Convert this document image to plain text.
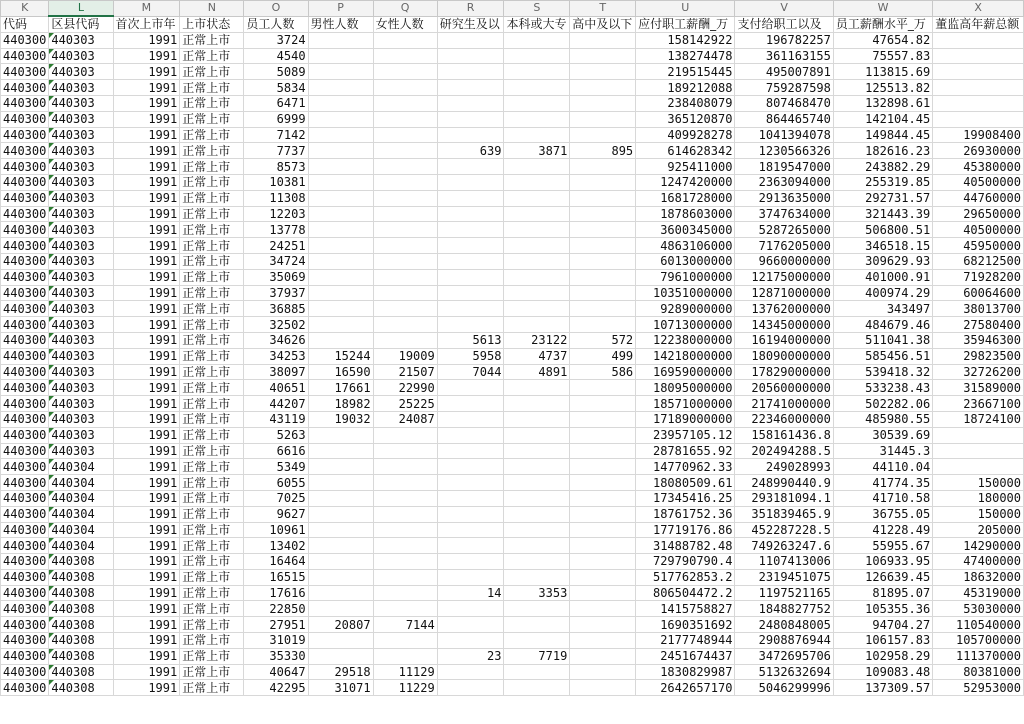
K	L	M	N	O	P	Q	R	S	T	U	V	W	X
代码	区县代码	首次上市年	上市状态	员工人数	男性人数	女性人数	研究生及以	本科或大专	高中及以下	应付职工薪酬_万	支付给职工以及	员工薪酬水平_万	董监高年薪总额
440300	440303	1991	正常上市	3724						158142922	196782257	47654.82	
440300	440303	1991	正常上市	4540						138274478	361163155	75557.83	
440300	440303	1991	正常上市	5089						219515445	495007891	113815.69	
440300	440303	1991	正常上市	5834						189212088	759287598	125513.82	
440300	440303	1991	正常上市	6471						238408079	807468470	132898.61	
440300	440303	1991	正常上市	6999						365120870	864465740	142104.45	
440300	440303	1991	正常上市	7142						409928278	1041394078	149844.45	19908400
440300	440303	1991	正常上市	7737			639	3871	895	614628342	1230566326	182616.23	26930000
440300	440303	1991	正常上市	8573						925411000	1819547000	243882.29	45380000
440300	440303	1991	正常上市	10381						1247420000	2363094000	255319.85	40500000
440300	440303	1991	正常上市	11308						1681728000	2913635000	292731.57	44760000
440300	440303	1991	正常上市	12203						1878603000	3747634000	321443.39	29650000
440300	440303	1991	正常上市	13778						3600345000	5287265000	506800.51	40500000
440300	440303	1991	正常上市	24251						4863106000	7176205000	346518.15	45950000
440300	440303	1991	正常上市	34724						6013000000	9660000000	309629.93	68212500
440300	440303	1991	正常上市	35069						7961000000	12175000000	401000.91	71928200
440300	440303	1991	正常上市	37937						10351000000	12871000000	400974.29	60064600
440300	440303	1991	正常上市	36885						9289000000	13762000000	343497	38013700
440300	440303	1991	正常上市	32502						10713000000	14345000000	484679.46	27580400
440300	440303	1991	正常上市	34626			5613	23122	572	12238000000	16194000000	511041.38	35946300
440300	440303	1991	正常上市	34253	15244	19009	5958	4737	499	14218000000	18090000000	585456.51	29823500
440300	440303	1991	正常上市	38097	16590	21507	7044	4891	586	16959000000	17829000000	539418.32	32726200
440300	440303	1991	正常上市	40651	17661	22990				18095000000	20560000000	533238.43	31589000
440300	440303	1991	正常上市	44207	18982	25225				18571000000	21741000000	502282.06	23667100
440300	440303	1991	正常上市	43119	19032	24087				17189000000	22346000000	485980.55	18724100
440300	440303	1991	正常上市	5263						23957105.12	158161436.8	30539.69	
440300	440303	1991	正常上市	6616						28781655.92	202494288.5	31445.3	
440300	440304	1991	正常上市	5349						14770962.33	249028993	44110.04	
440300	440304	1991	正常上市	6055						18080509.61	248990440.9	41774.35	150000
440300	440304	1991	正常上市	7025						17345416.25	293181094.1	41710.58	180000
440300	440304	1991	正常上市	9627						18761752.36	351839465.9	36755.05	150000
440300	440304	1991	正常上市	10961						17719176.86	452287228.5	41228.49	205000
440300	440304	1991	正常上市	13402						31488782.48	749263247.6	55955.67	14290000
440300	440308	1991	正常上市	16464						729790790.4	1107413006	106933.95	47400000
440300	440308	1991	正常上市	16515						517762853.2	2319451075	126639.45	18632000
440300	440308	1991	正常上市	17616			14	3353		806504472.2	1197521165	81895.07	45319000
440300	440308	1991	正常上市	22850						1415758827	1848827752	105355.36	53030000
440300	440308	1991	正常上市	27951	20807	7144				1690351692	2480848005	94704.27	110540000
440300	440308	1991	正常上市	31019						2177748944	2908876944	106157.83	105700000
440300	440308	1991	正常上市	35330			23	7719		2451674437	3472695706	102958.29	111370000
440300	440308	1991	正常上市	40647	29518	11129				1830829987	5132632694	109083.48	80381000
440300	440308	1991	正常上市	42295	31071	11229				2642657170	5046299996	137309.57	52953000
